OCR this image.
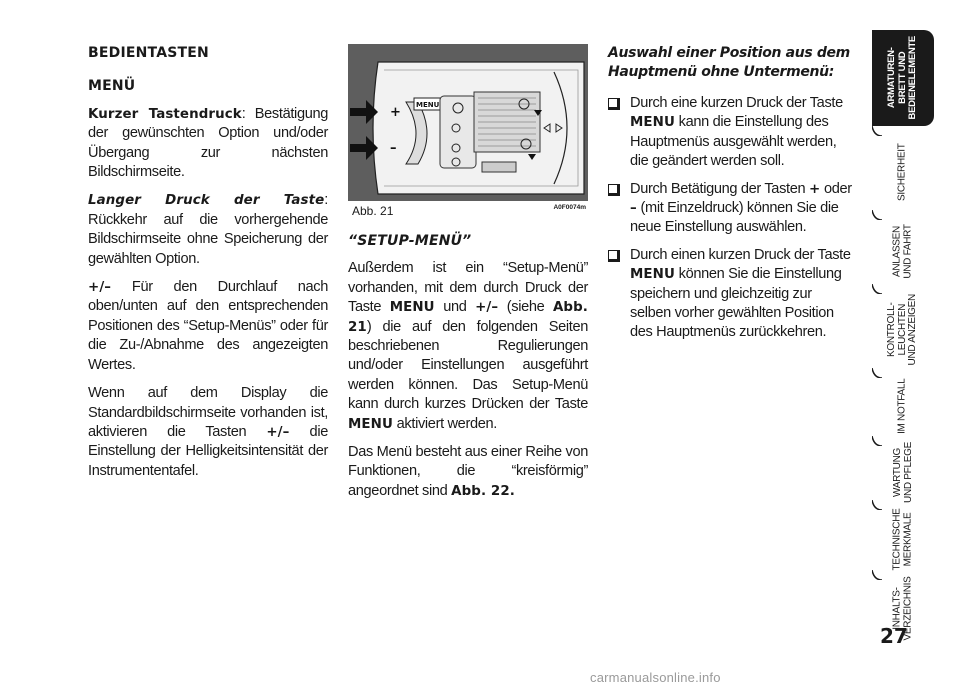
BEDIENTASTEN
MENÜ

Kurzer Tastendruck: Bestätigung der gewünschten Option und/oder Übergang zur nächsten Bildschirmseite.

Langer Druck der Taste: Rückkehr auf die vorhergehende Bildschirmseite ohne Speicherung der gewählten Option.

+/– Für den Durchlauf nach oben/unten auf den entsprechenden Positionen des “Setup-Menüs” oder für die Zu-/Abnahme des angezeigten Wertes.

Wenn auf dem Display die Standardbildschirmseite vorhanden ist, aktivieren die Tasten +/– die Einstellung der Helligkeitsintensität der Instrumententafel.

+
–
MENU
Abb. 21	A0F0074m
“SETUP-MENÜ”

Außerdem ist ein “Setup-Menü” vorhanden, mit dem durch Druck der Taste MENU und +/– (siehe Abb. 21) die auf den folgenden Seiten beschriebenen Regulierungen und/oder Einstellungen ausgeführt werden können. Das Setup-Menü kann durch kurzes Drücken der Taste MENU aktiviert werden.

Das Menü besteht aus einer Reihe von Funktionen, die “kreisförmig” angeordnet sind Abb. 22.

Auswahl einer Position aus dem Hauptmenü ohne Untermenü:
Durch eine kurzen Druck der Taste MENU kann die Einstellung des Hauptmenüs ausgewählt werden, die geändert werden soll.
Durch Betätigung der Tasten + oder – (mit Einzeldruck) können Sie die neue Einstellung auswählen.
Durch einen kurzen Druck der Taste MENU können Sie die Einstellung speichern und gleichzeitig zur selben vorher gewählten Position des Hauptmenüs zurückkehren.
ARMATUREN-
BRETT UND
BEDIENELEMENTE
SICHERHEIT
ANLASSEN
UND FAHRT
KONTROLL-
LEUCHTEN
UND ANZEIGEN
IM NOTFALL
WARTUNG
UND PFLEGE
TECHNISCHE
MERKMALE
INHALTS-
VERZEICHNIS
27
carmanualsonline.info
